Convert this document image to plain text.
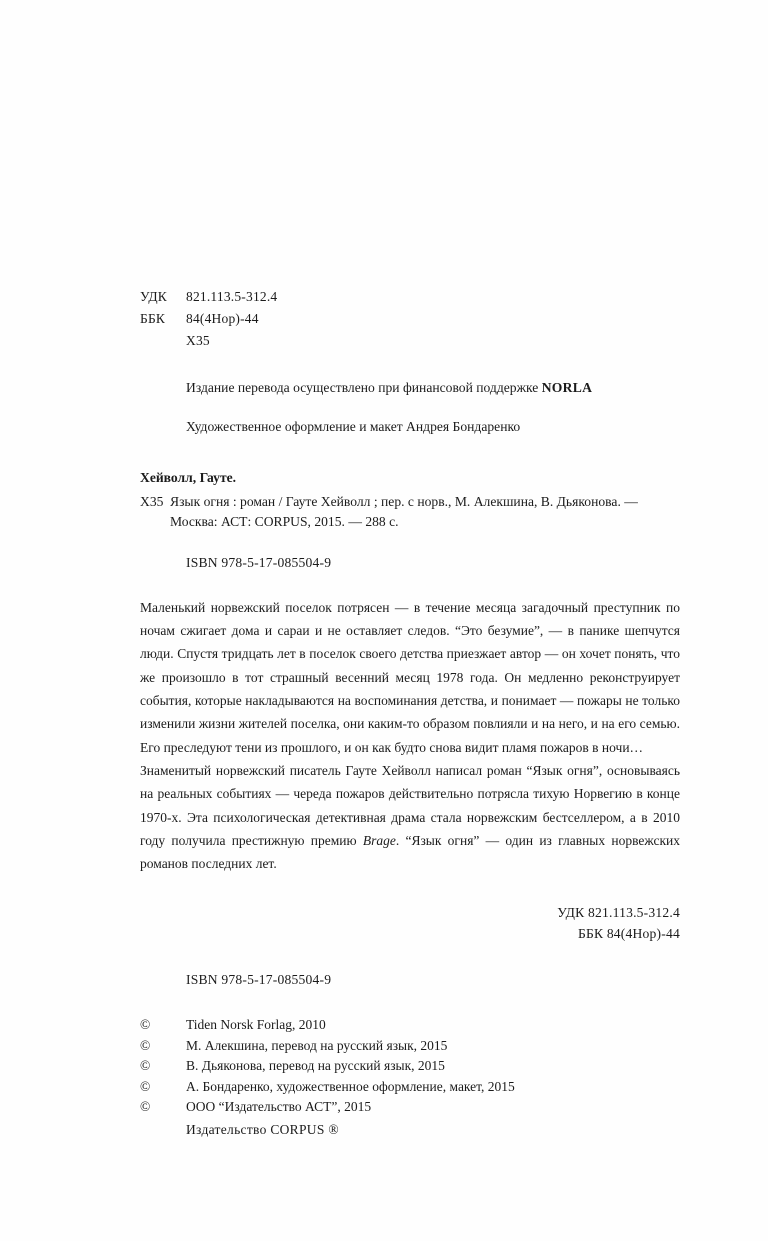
УДК	821.113.5-312.4
ББК	84(4Нор)-44
Х35
Издание перевода осуществлено при финансовой поддержке NORLA
Художественное оформление и макет Андрея Бондаренко
Хейволл, Гауте.
Х35 Язык огня : роман / Гауте Хейволл ; пер. с норв., М. Алекшина, В. Дьяконова. — Москва: АСТ: CORPUS, 2015. — 288 с.
ISBN 978-5-17-085504-9

Маленький норвежский поселок потрясен — в течение месяца загадочный преступник по ночам сжигает дома и сараи и не оставляет следов. “Это безумие”, — в панике шепчутся люди. Спустя тридцать лет в поселок своего детства приезжает автор — он хочет понять, что же произошло в тот страшный весенний месяц 1978 года. Он медленно реконструирует события, которые накладываются на воспоминания детства, и понимает — пожары не только изменили жизни жителей поселка, они каким-то образом повлияли и на него, и на его семью. Его преследуют тени из прошлого, и он как будто снова видит пламя пожаров в ночи…

Знаменитый норвежский писатель Гауте Хейволл написал роман “Язык огня”, основываясь на реальных событиях — череда пожаров действительно потрясла тихую Норвегию в конце 1970-х. Эта психологическая детективная драма стала норвежским бестселлером, а в 2010 году получила престижную премию Brage. “Язык огня” — один из главных норвежских романов последних лет.

УДК 821.113.5-312.4
ББК 84(4Нор)-44
ISBN 978-5-17-085504-9
©	Tiden Norsk Forlag, 2010
©	М. Алекшина, перевод на русский язык, 2015
©	В. Дьяконова, перевод на русский язык, 2015
©	А. Бондаренко, художественное оформление, макет, 2015
©	ООО “Издательство АСТ”, 2015
Издательство CORPUS ®
